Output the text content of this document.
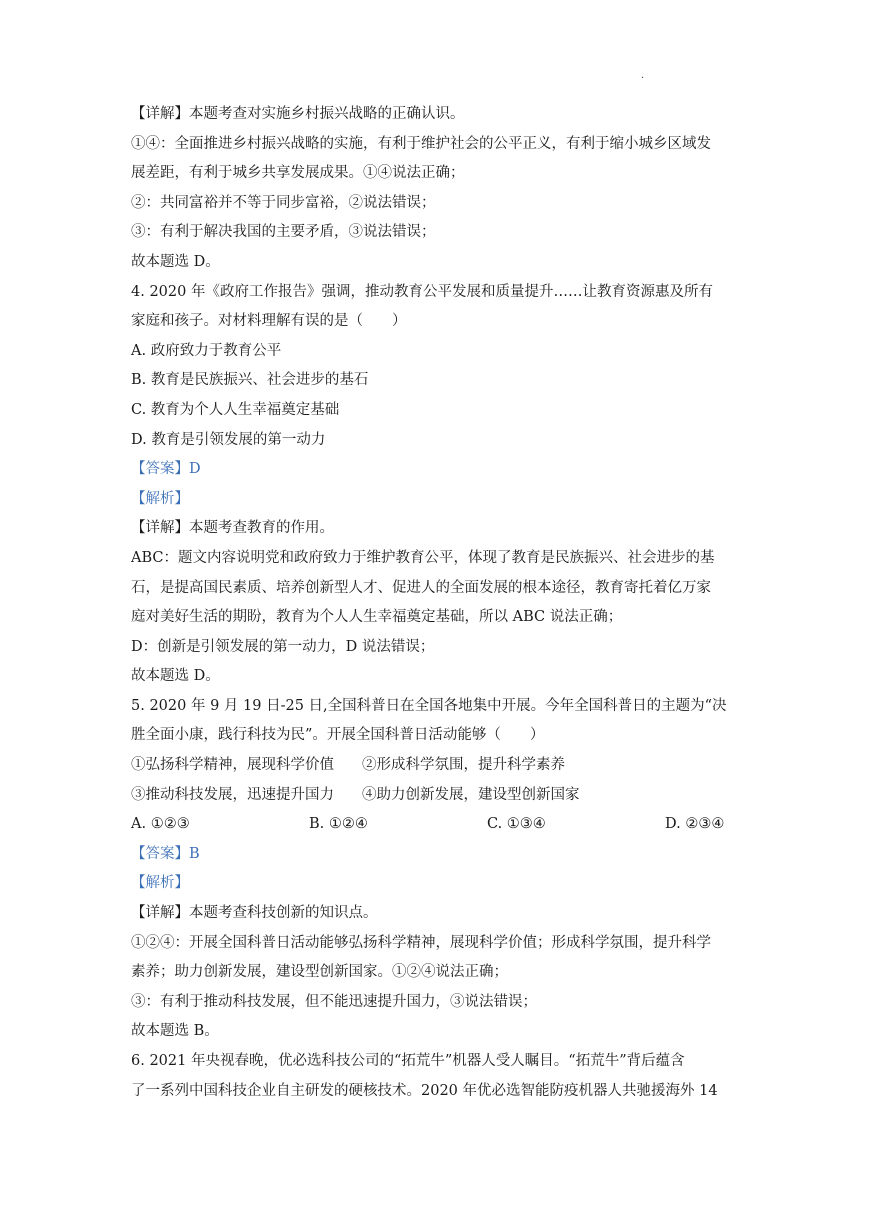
.
【详解】本题考查对实施乡村振兴战略的正确认识。
①④：全面推进乡村振兴战略的实施，有利于维护社会的公平正义，有利于缩小城乡区域发
展差距，有利于城乡共享发展成果。①④说法正确；
②：共同富裕并不等于同步富裕，②说法错误；
③：有利于解决我国的主要矛盾，③说法错误；
故本题选 D。
4. 2020 年《政府工作报告》强调，推动教育公平发展和质量提升……让教育资源惠及所有
家庭和孩子。对材料理解有误的是（　　）
A. 政府致力于教育公平
B. 教育是民族振兴、社会进步的基石
C. 教育为个人人生幸福奠定基础
D. 教育是引领发展的第一动力
【答案】D
【解析】
【详解】本题考查教育的作用。
ABC：题文内容说明党和政府致力于维护教育公平，体现了教育是民族振兴、社会进步的基
石，是提高国民素质、培养创新型人才、促进人的全面发展的根本途径，教育寄托着亿万家
庭对美好生活的期盼，教育为个人人生幸福奠定基础，所以 ABC 说法正确；
D：创新是引领发展的第一动力，D 说法错误；
故本题选 D。
5. 2020 年 9 月 19 日-25 日,全国科普日在全国各地集中开展。今年全国科普日的主题为“决
胜全面小康，践行科技为民”。开展全国科普日活动能够（　　）
①弘扬科学精神，展现科学价值 ②形成科学氛围，提升科学素养
③推动科技发展，迅速提升国力 ④助力创新发展，建设型创新国家
A. ①②③	B. ①②④	C. ①③④	D. ②③④
【答案】B
【解析】
【详解】本题考查科技创新的知识点。
①②④：开展全国科普日活动能够弘扬科学精神，展现科学价值；形成科学氛围，提升科学
素养；助力创新发展，建设型创新国家。①②④说法正确；
③：有利于推动科技发展，但不能迅速提升国力，③说法错误；
故本题选 B。
6. 2021 年央视春晚，优必选科技公司的“拓荒牛”机器人受人瞩目。“拓荒牛”背后蕴含
了一系列中国科技企业自主研发的硬核技术。2020 年优必选智能防疫机器人共驰援海外 14
